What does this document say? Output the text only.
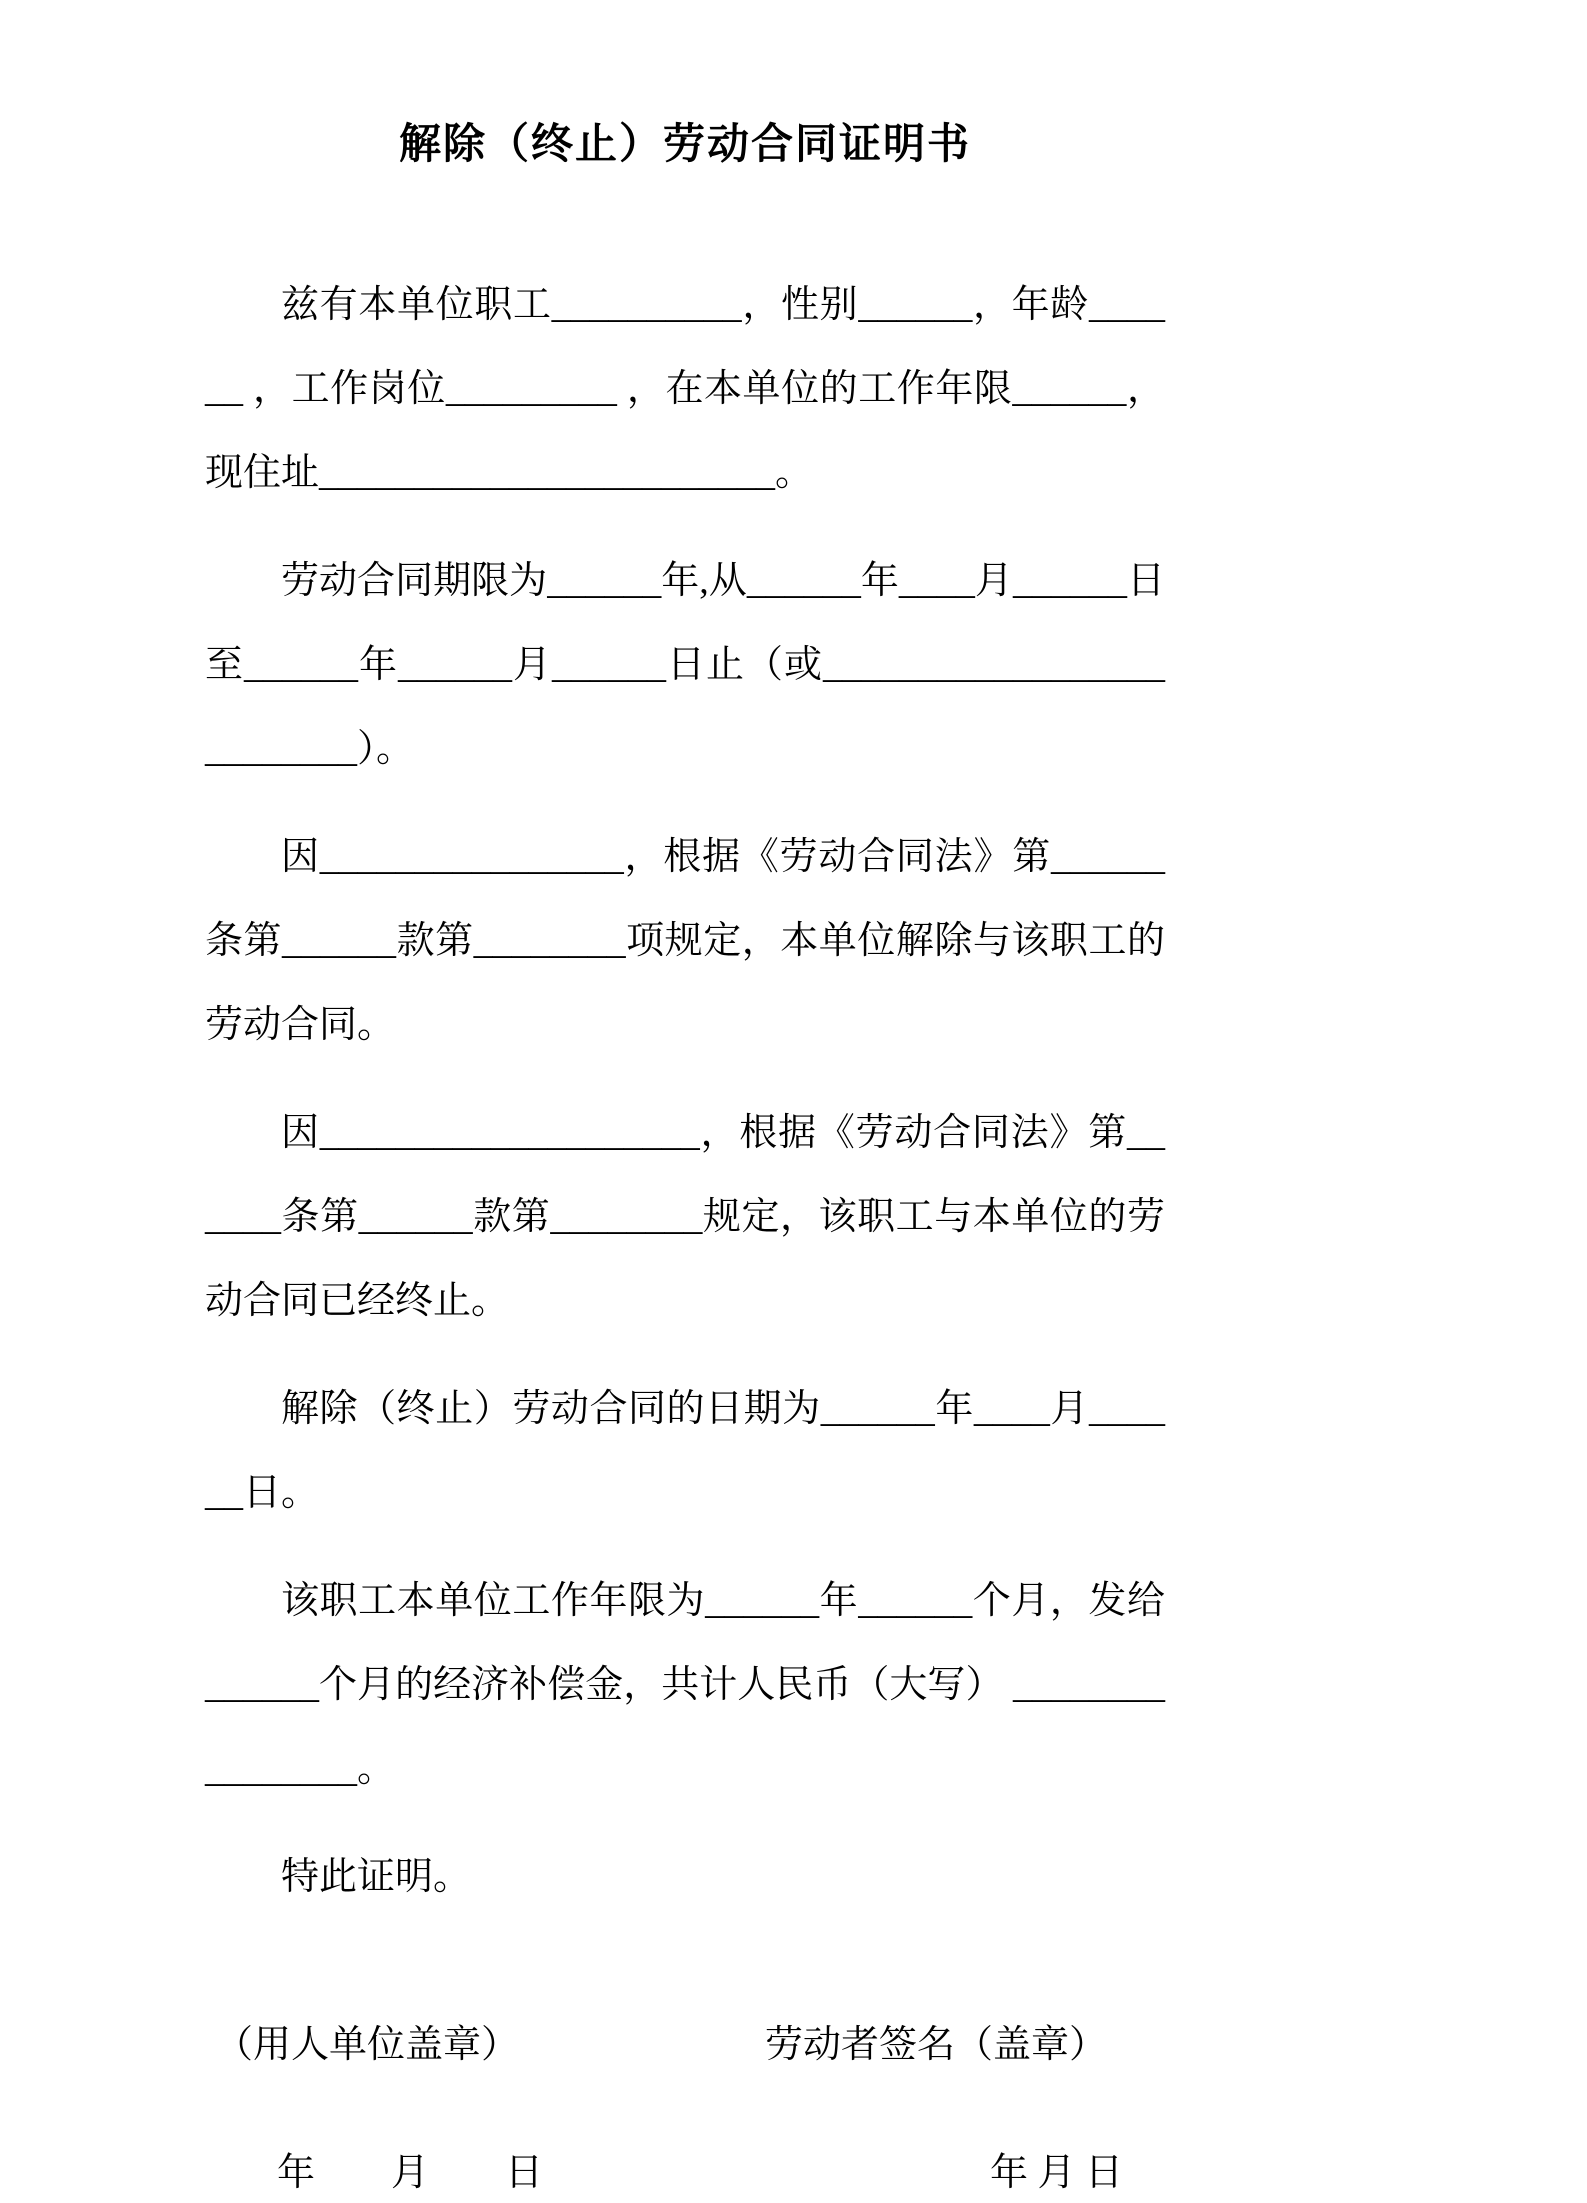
解除（终止）劳动合同证明书

兹有本单位职工__________，性别______，年龄______ ，工作岗位_________ ，在本单位的工作年限______，现住址________________________。

劳动合同期限为______年,从______年____月______日至______年______月______日止（或__________________________）。

因________________，根据《劳动合同法》第______条第______款第________项规定，本单位解除与该职工的劳动合同。

因____________________，根据《劳动合同法》第______条第______款第________规定，该职工与本单位的劳动合同已经终止。

解除（终止）劳动合同的日期为______年____月______日。

该职工本单位工作年限为______年______个月，发给______个月的经济补偿金，共计人民币（大写） ________________。

特此证明。

（用人单位盖章）
年　　月　　日
劳动者签名（盖章）
年 月 日
